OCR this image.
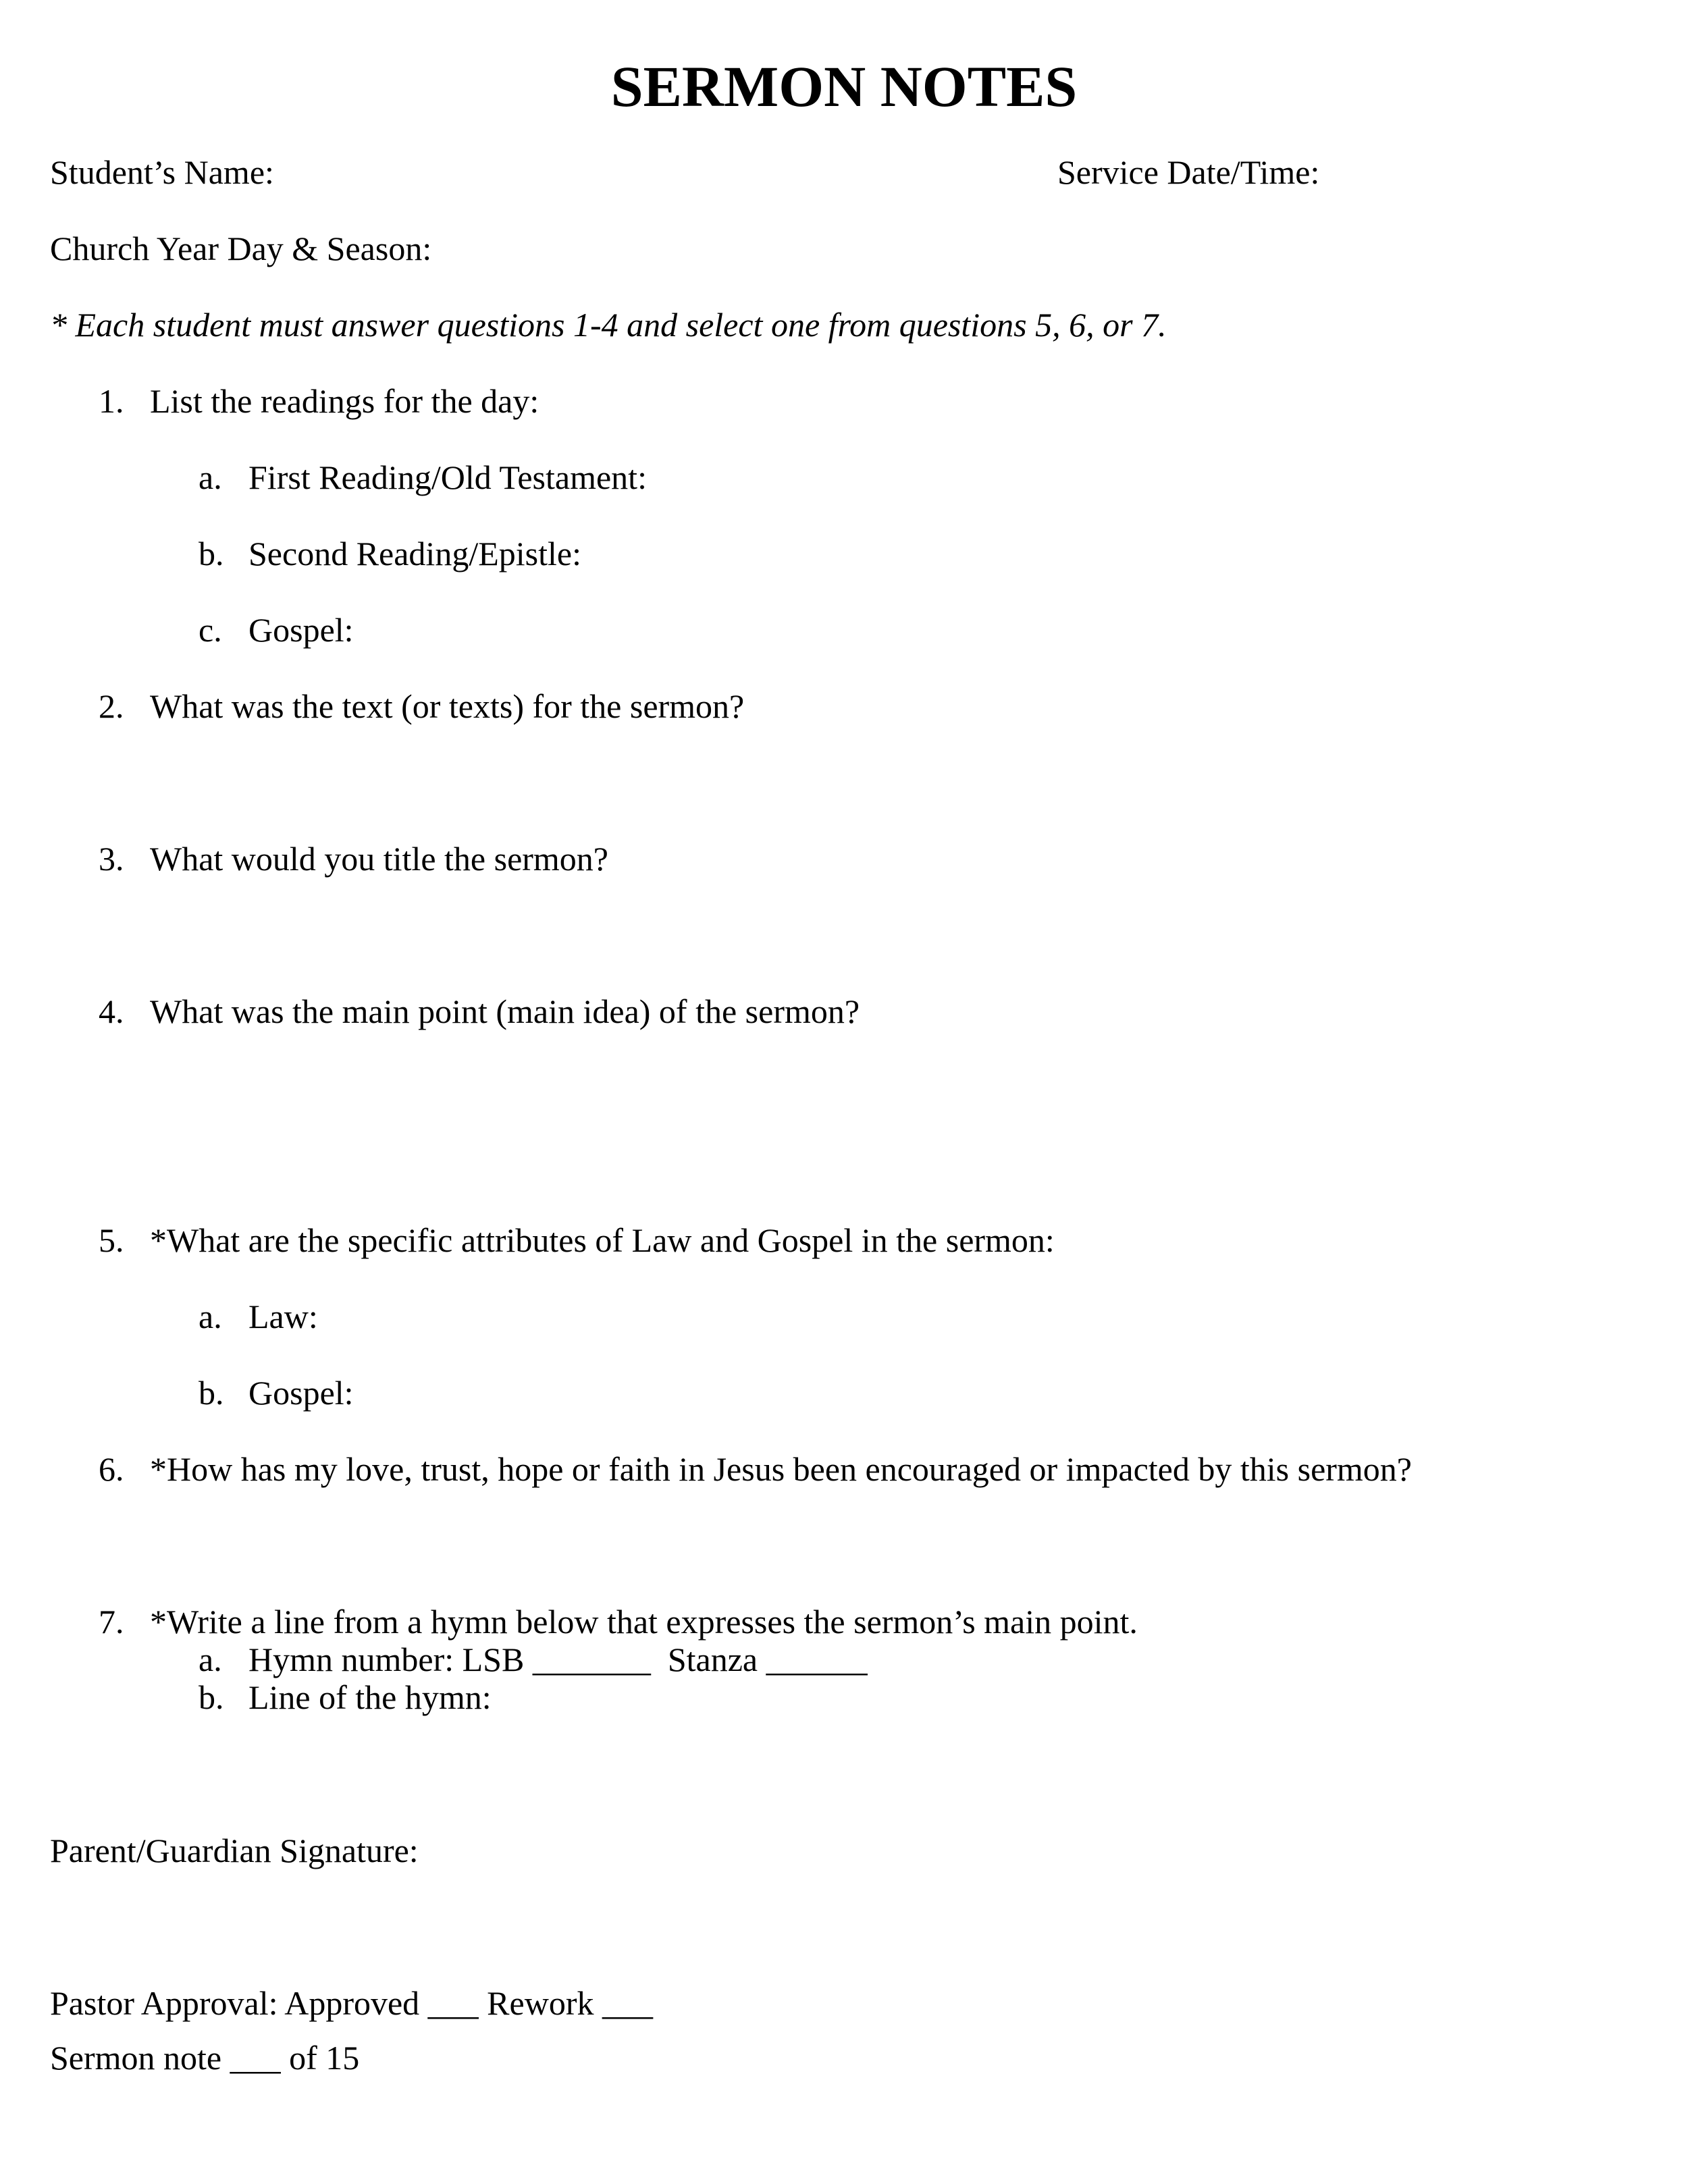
SERMON NOTES
Student’s Name:	Service Date/Time:
Church Year Day & Season:
* Each student must answer questions 1-4 and select one from questions 5, 6, or 7.
1. List the readings for the day:
a. First Reading/Old Testament:
b. Second Reading/Epistle:
c. Gospel:
2. What was the text (or texts) for the sermon?
3. What would you title the sermon?
4. What was the main point (main idea) of the sermon?
5. *What are the specific attributes of Law and Gospel in the sermon:
a. Law:
b. Gospel:
6. *How has my love, trust, hope or faith in Jesus been encouraged or impacted by this sermon?
7. *Write a line from a hymn below that expresses the sermon’s main point.
a. Hymn number: LSB _______  Stanza ______
b. Line of the hymn:
Parent/Guardian Signature:
Pastor Approval: Approved ___ Rework ___
Sermon note ___ of 15
